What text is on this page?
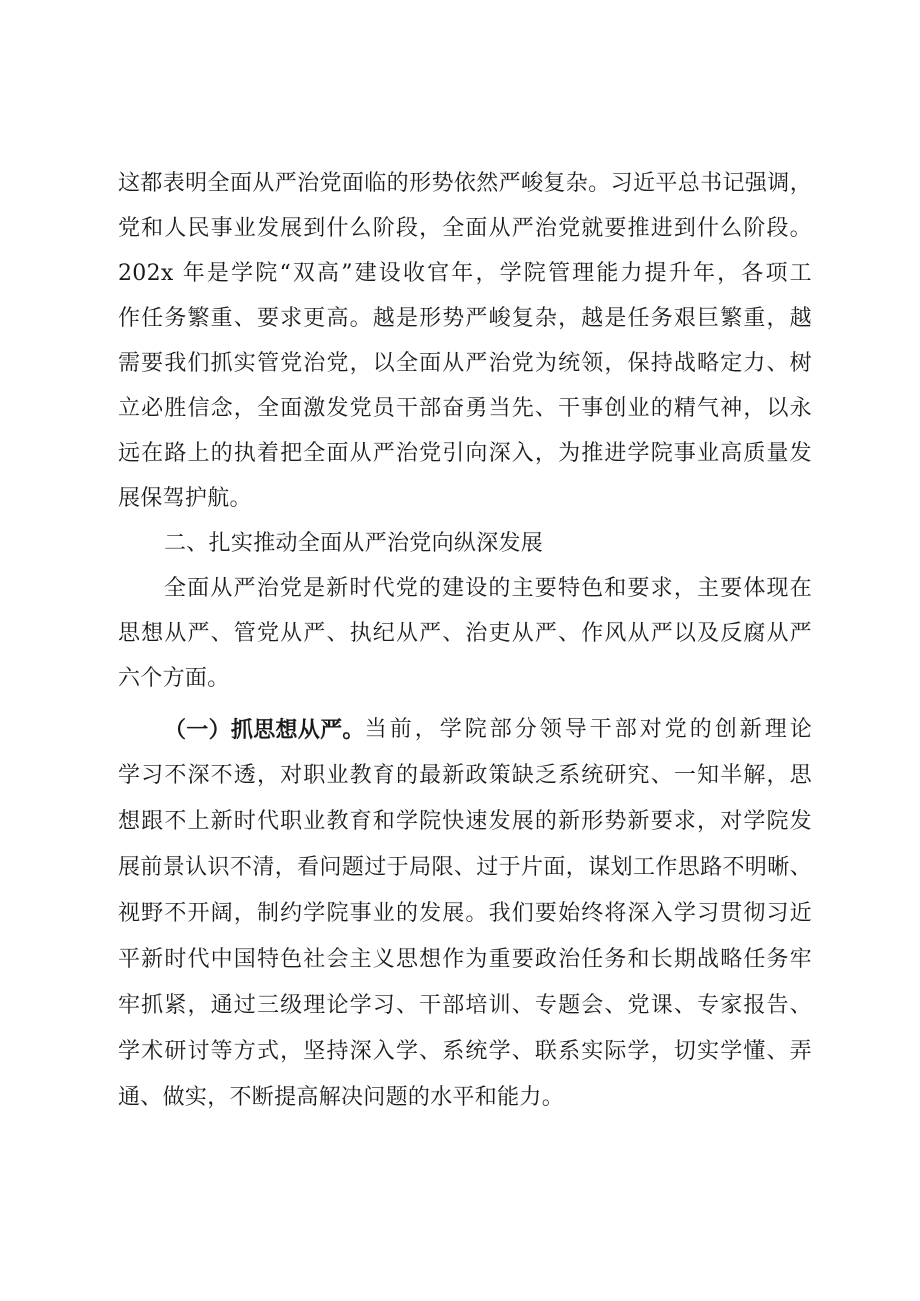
这都表明全面从严治党面临的形势依然严峻复杂。习近平总书记强调，
党和人民事业发展到什么阶段，全面从严治党就要推进到什么阶段。
202x 年是学院“双高”建设收官年，学院管理能力提升年，各项工
作任务繁重、要求更高。越是形势严峻复杂，越是任务艰巨繁重，越
需要我们抓实管党治党，以全面从严治党为统领，保持战略定力、树
立必胜信念，全面激发党员干部奋勇当先、干事创业的精气神，以永
远在路上的执着把全面从严治党引向深入，为推进学院事业高质量发
展保驾护航。
二、扎实推动全面从严治党向纵深发展
全面从严治党是新时代党的建设的主要特色和要求，主要体现在
思想从严、管党从严、执纪从严、治吏从严、作风从严以及反腐从严
六个方面。
（一）抓思想从严。 当前，学院部分领导干部对党的创新理论
学习不深不透，对职业教育的最新政策缺乏系统研究、一知半解，思
想跟不上新时代职业教育和学院快速发展的新形势新要求，对学院发
展前景认识不清，看问题过于局限、过于片面，谋划工作思路不明晰、
视野不开阔，制约学院事业的发展。我们要始终将深入学习贯彻习近
平新时代中国特色社会主义思想作为重要政治任务和长期战略任务牢
牢抓紧，通过三级理论学习、干部培训、专题会、党课、专家报告、
学术研讨等方式，坚持深入学、系统学、联系实际学，切实学懂、弄
通、做实，不断提高解决问题的水平和能力。
